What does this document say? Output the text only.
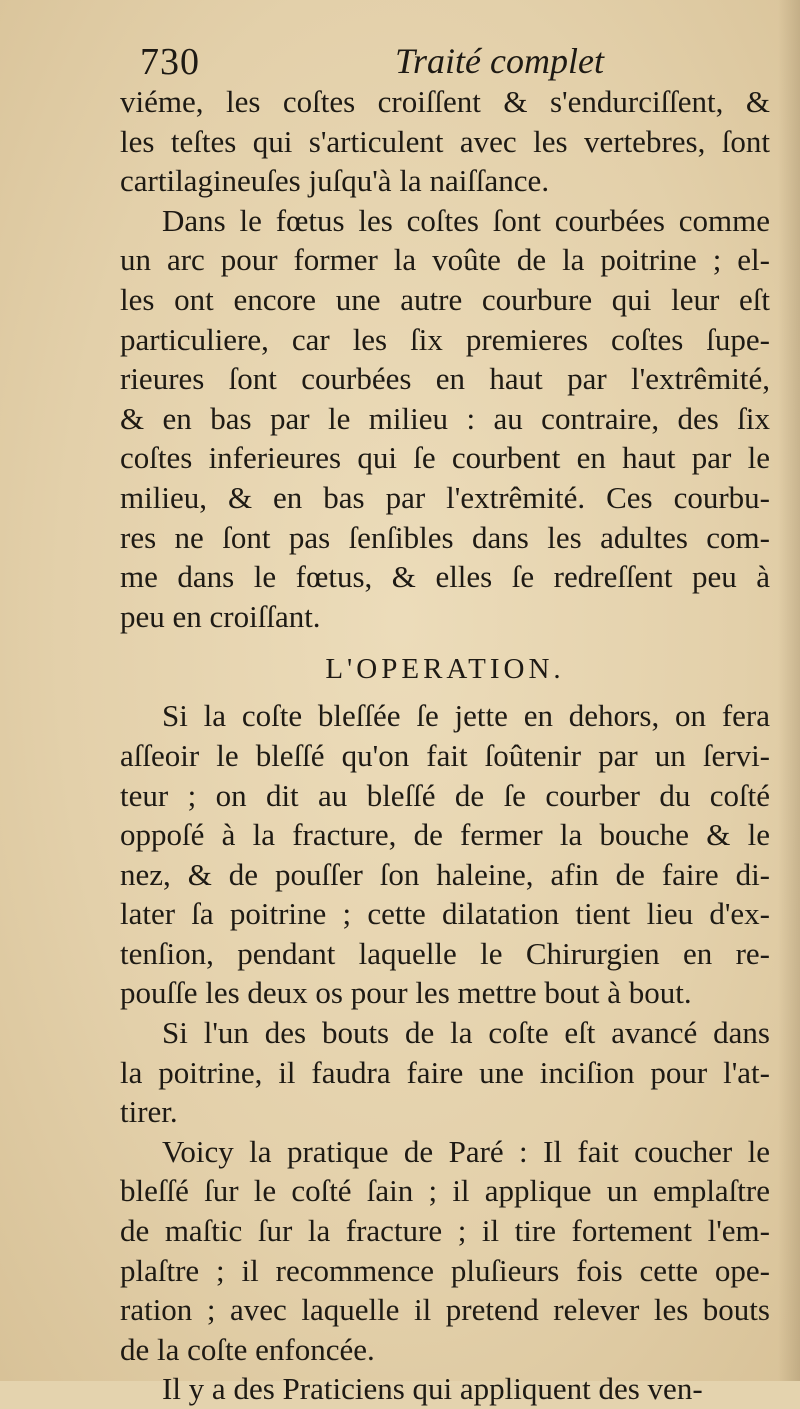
730	Traité complet
viéme, les coſtes croiſſent & s'endurciſſent, &
les teſtes qui s'articulent avec les vertebres, ſont
cartilagineuſes juſqu'à la naiſſance.
Dans le fœtus les coſtes ſont courbées comme
un arc pour former la voûte de la poitrine ; el-
les ont encore une autre courbure qui leur eſt
particuliere, car les ſix premieres coſtes ſupe-
rieures ſont courbées en haut par l'extrêmité,
& en bas par le milieu : au contraire, des ſix
coſtes inferieures qui ſe courbent en haut par le
milieu, & en bas par l'extrêmité. Ces courbu-
res ne ſont pas ſenſibles dans les adultes com-
me dans le fœtus, & elles ſe redreſſent peu à
peu en croiſſant.
L'OPERATION.
Si la coſte bleſſée ſe jette en dehors, on fera
aſſeoir le bleſſé qu'on fait ſoûtenir par un ſervi-
teur ; on dit au bleſſé de ſe courber du coſté
oppoſé à la fracture, de fermer la bouche & le
nez, & de pouſſer ſon haleine, afin de faire di-
later ſa poitrine ; cette dilatation tient lieu d'ex-
tenſion, pendant laquelle le Chirurgien en re-
pouſſe les deux os pour les mettre bout à bout.
Si l'un des bouts de la coſte eſt avancé dans
la poitrine, il faudra faire une inciſion pour l'at-
tirer.
Voicy la pratique de Paré : Il fait coucher le
bleſſé ſur le coſté ſain ; il applique un emplaſtre
de maſtic ſur la fracture ; il tire fortement l'em-
plaſtre ; il recommence pluſieurs fois cette ope-
ration ; avec laquelle il pretend relever les bouts
de la coſte enfoncée.
Il y a des Praticiens qui appliquent des ven-
